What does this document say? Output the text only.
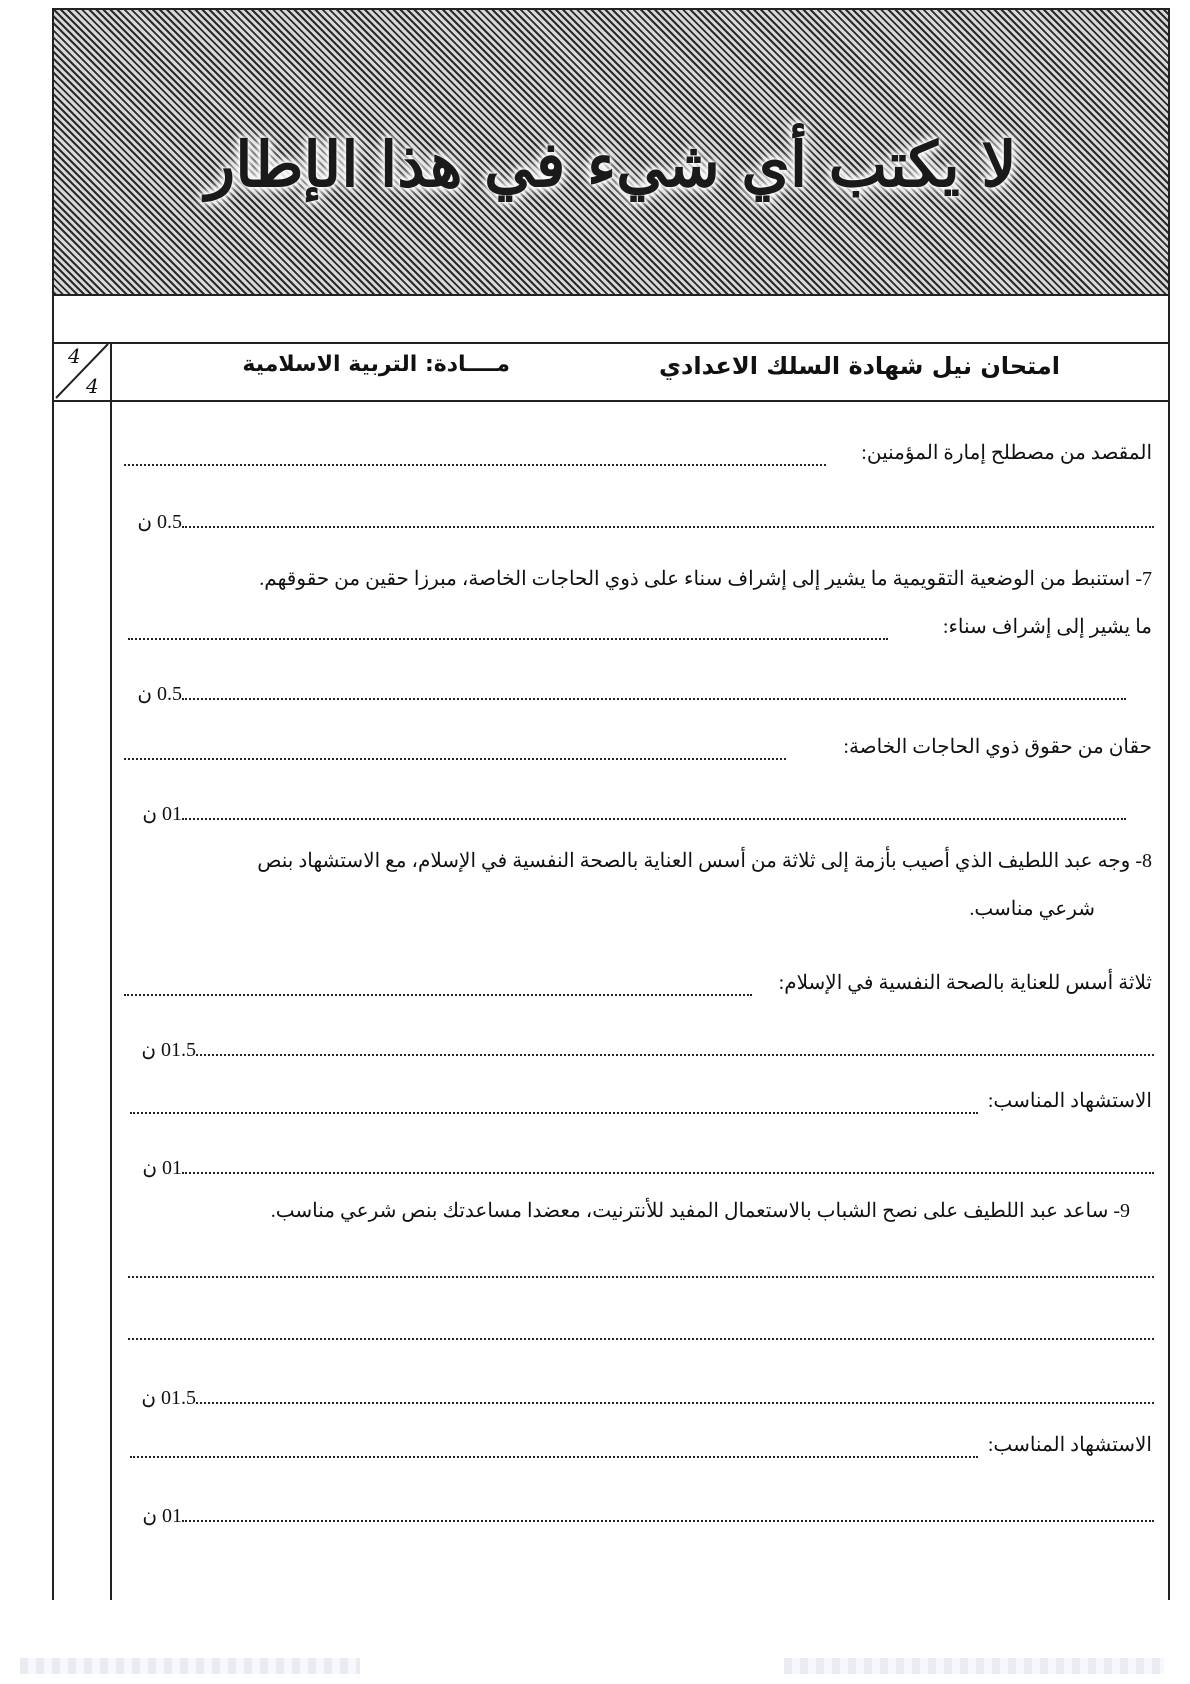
لا يكتب أي شيء في هذا الإطار
4
4
امتحان نيل شهادة السلك الاعدادي
مــــادة: التربية الاسلامية
المقصد من مصطلح إمارة المؤمنين:
0.5 ن
7- استنبط من الوضعية التقويمية ما يشير إلى إشراف سناء على ذوي الحاجات الخاصة، مبرزا حقين من حقوقهم.
ما يشير إلى إشراف سناء:
0.5 ن
حقان من حقوق ذوي الحاجات الخاصة:
01 ن
8- وجه عبد اللطيف الذي أصيب بأزمة إلى ثلاثة من أسس العناية بالصحة النفسية في الإسلام، مع الاستشهاد بنص
شرعي مناسب.
ثلاثة أسس للعناية بالصحة النفسية في الإسلام:
01.5 ن
الاستشهاد المناسب:
01 ن
9- ساعد عبد اللطيف على نصح الشباب بالاستعمال المفيد للأنترنيت، معضدا مساعدتك بنص شرعي مناسب.
01.5 ن
الاستشهاد المناسب:
01 ن
